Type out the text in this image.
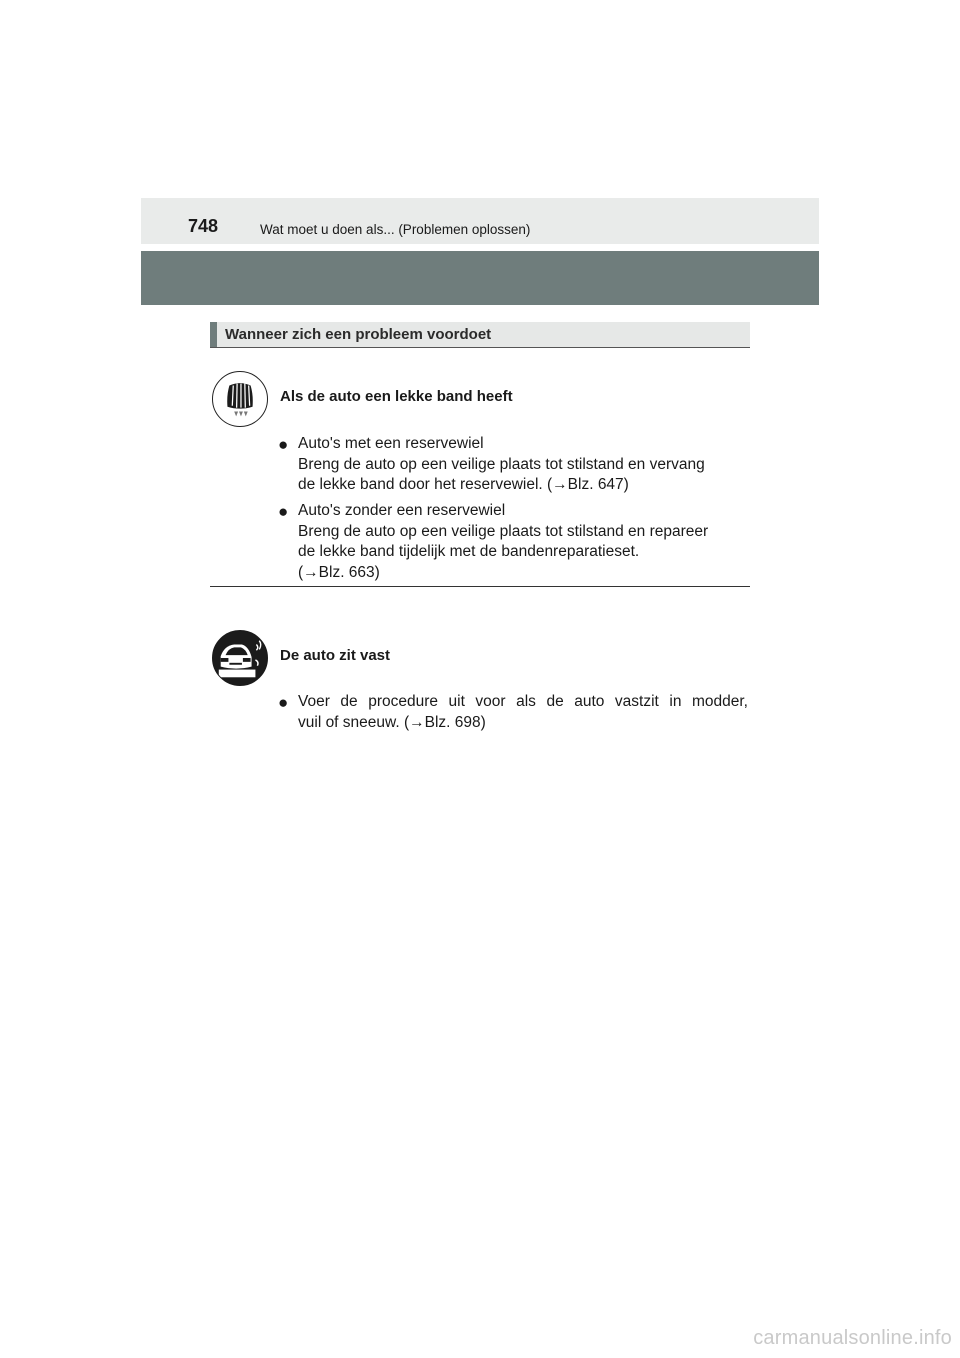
748	Wat moet u doen als... (Problemen oplossen)
Wanneer zich een probleem voordoet
Als de auto een lekke band heeft
● Auto's met een reservewiel
Breng de auto op een veilige plaats tot stilstand en vervang
de lekke band door het reservewiel. (→Blz. 647)
● Auto's zonder een reservewiel
Breng de auto op een veilige plaats tot stilstand en repareer
de lekke band tijdelijk met de bandenreparatieset.
(→Blz. 663)
De auto zit vast
● Voer de procedure uit voor als de auto vastzit in modder,
vuil of sneeuw. (→Blz. 698)
carmanualsonline.info
